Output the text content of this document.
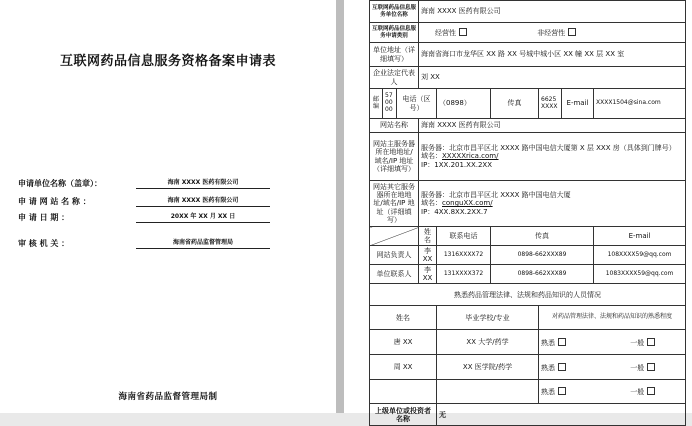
互联网药品信息服务资格备案申请表
申请单位名称（盖章）：	海南 XXXX 医药有限公司
申 请 网 站 名 称 ：	海南 XXXX 医药有限公司
申 请 日 期 ：	20XX 年 XX 月 XX 日
审 核 机 关 ：	海南省药品监督管理局
海南省药品监督管理局制
互联网药品信息服务单位名称			海南 XXXX 医药有限公司					
互联网药品信息服务申请类别			经营性 非经营性					
单位地址（详细填写）			海南省海口市龙华区 XX 路 XX 号城中城小区 XX 幢 XX 层 XX 室					
企业法定代表人			刘 XX					
邮编	570000	电话（区号）		（0898）	传真	6625XXXX	E-mail	XXXX1504@sina.com
网站名称			海南 XXXX 医药有限公司					
网站主服务器所在地地址/域名/IP 地址（详细填写）			服务器：北京市昌平区北 XXXX 路中国电信大厦第 X 层 XXX 房（具体到门牌号）
域名：XXXXXrica.com/
IP：1XX.201.XX.2XX					

网站其它服务器所在地地址/域名/IP 地址（详细填写）			服务器：北京市昌平区北 XXXX 路中国电信大厦
域名：conguXX.com/
IP：4XX.8XX.2XX.7					

			姓名	联系电话	传真			E-mail
网站负责人			李 XX	1316XXXX72	0898-662XXX89			108XXXX59@qq.com
单位联系人			李 XX	131XXXX372	0898-662XXX89			1083XXXX59@qq.com
熟悉药品管理法律、法规和药品知识的人员情况								
姓名				毕业学校/专业		对药品管理法律、法规和药品知识的熟悉程度		
唐 XX				XX 大学/药学		熟悉 一般		
周 XX				XX 医学院/药学		熟悉 一般		
						熟悉 一般		
上级单位或投资者名称				无				
